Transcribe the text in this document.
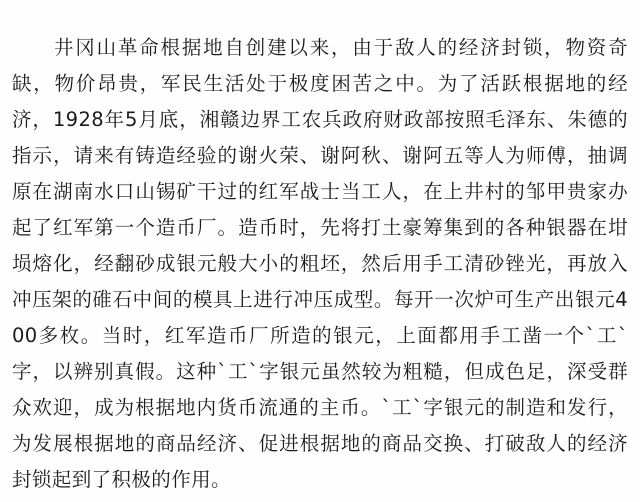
井冈山革命根据地自创建以来，由于敌人的经济封锁，物资奇缺，物价昂贵，军民生活处于极度困苦之中。为了活跃根据地的经济，1928年5月底，湘赣边界工农兵政府财政部按照毛泽东、朱德的指示，请来有铸造经验的谢火荣、谢阿秋、谢阿五等人为师傅，抽调原在湖南水口山锡矿干过的红军战士当工人，在上井村的邹甲贵家办起了红军第一个造币厂。造币时，先将打土豪筹集到的各种银器在坩埙熔化，经翻砂成银元般大小的粗坯，然后用手工清砂锉光，再放入冲压架的碓石中间的模具上进行冲压成型。每开一次炉可生产出银元400多枚。当时，红军造币厂所造的银元，上面都用手工凿一个`工`字，以辨别真假。这种`工`字银元虽然较为粗糙，但成色足，深受群众欢迎，成为根据地内货币流通的主币。`工`字银元的制造和发行，为发展根据地的商品经济、促进根据地的商品交换、打破敌人的经济封锁起到了积极的作用。
